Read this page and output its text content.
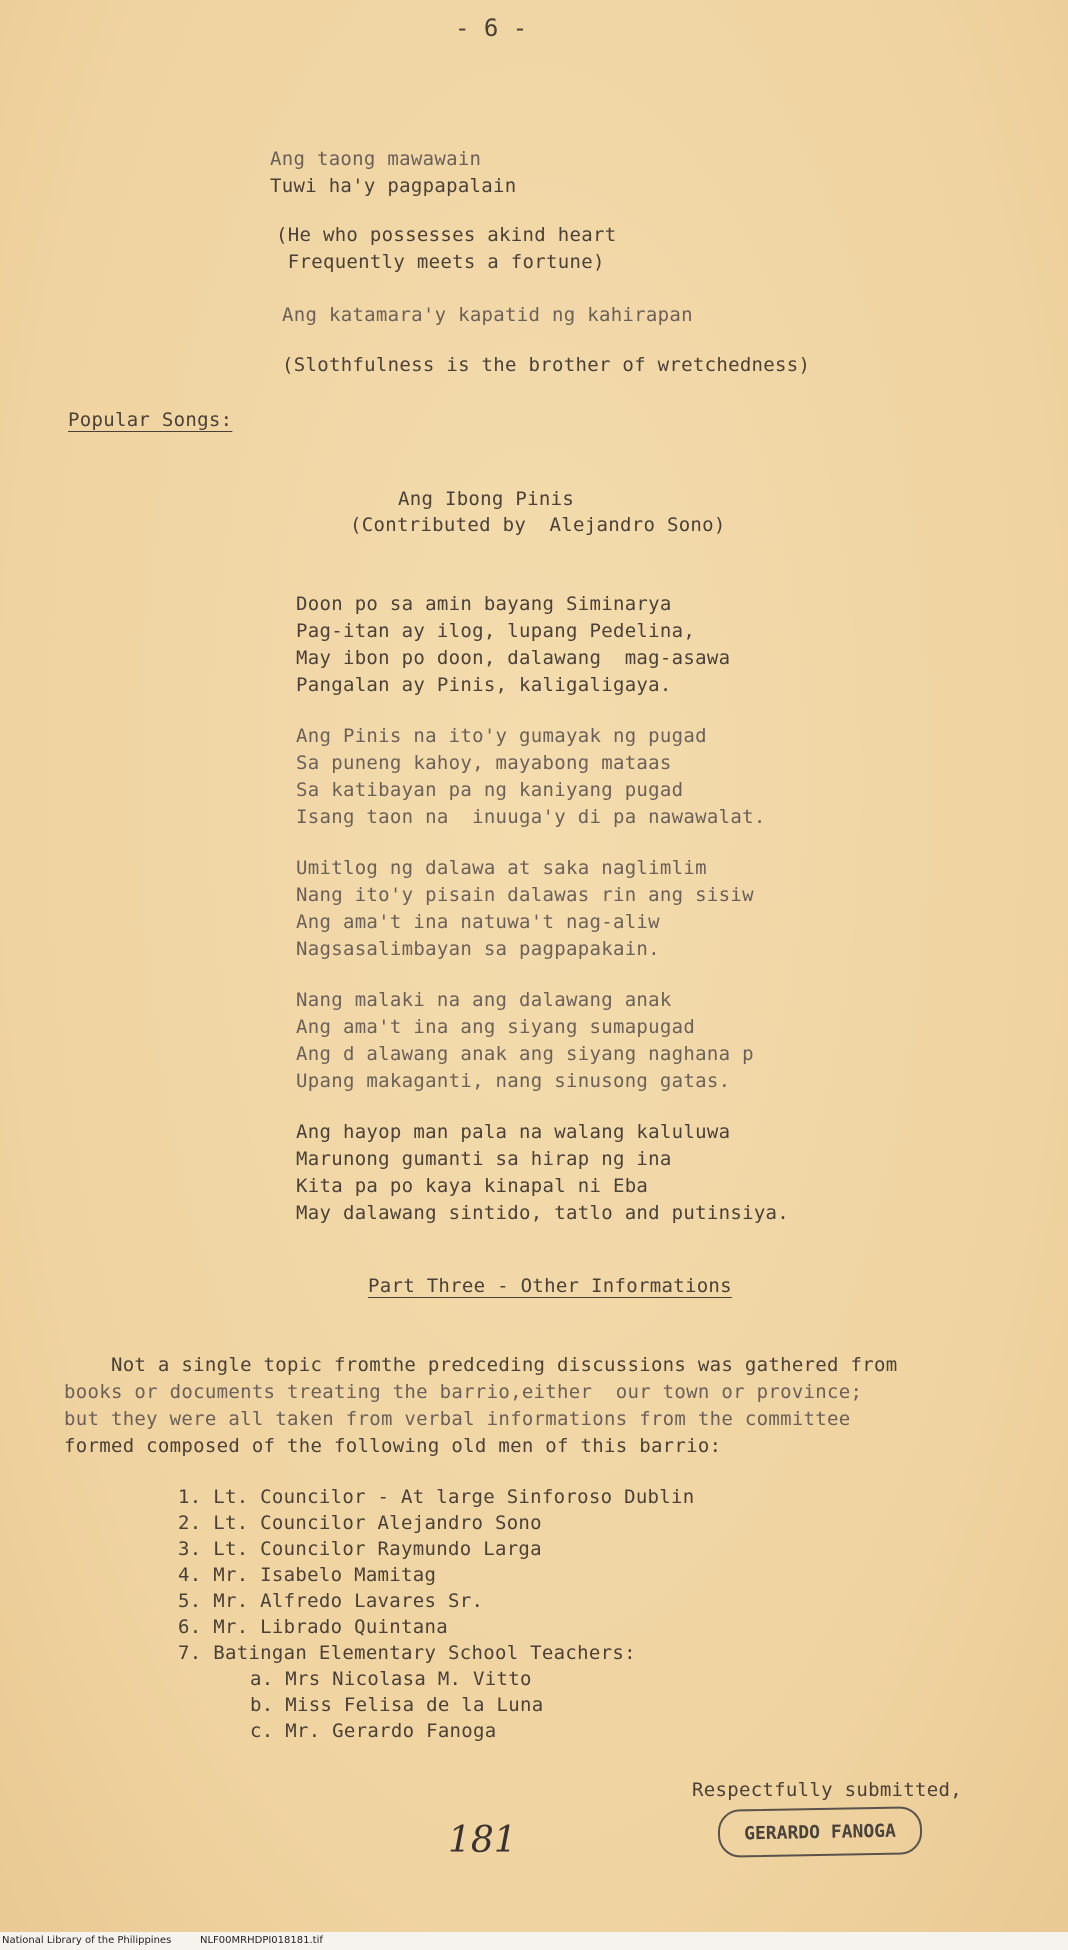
- 6 -
Ang taong mawawain
Tuwi ha'y pagpapalain
(He who possesses akind heart
Frequently meets a fortune)
Ang katamara'y kapatid ng kahirapan
(Slothfulness is the brother of wretchedness)
Popular Songs:
Ang Ibong Pinis
(Contributed by  Alejandro Sono)
Doon po sa amin bayang Siminarya
Pag-itan ay ilog, lupang Pedelina,
May ibon po doon, dalawang  mag-asawa
Pangalan ay Pinis, kaligaligaya.
Ang Pinis na ito'y gumayak ng pugad
Sa puneng kahoy, mayabong mataas
Sa katibayan pa ng kaniyang pugad
Isang taon na  inuuga'y di pa nawawalat.
Umitlog ng dalawa at saka naglimlim
Nang ito'y pisain dalawas rin ang sisiw
Ang ama't ina natuwa't nag-aliw
Nagsasalimbayan sa pagpapakain.
Nang malaki na ang dalawang anak
Ang ama't ina ang siyang sumapugad
Ang d alawang anak ang siyang naghana p
Upang makaganti, nang sinusong gatas.
Ang hayop man pala na walang kaluluwa
Marunong gumanti sa hirap ng ina
Kita pa po kaya kinapal ni Eba
May dalawang sintido, tatlo and putinsiya.
Part Three - Other Informations
Not a single topic fromthe predceding discussions was gathered from
books or documents treating the barrio,either  our town or province;
but they were all taken from verbal informations from the committee
formed composed of the following old men of this barrio:
1. Lt. Councilor - At large Sinforoso Dublin
2. Lt. Councilor Alejandro Sono
3. Lt. Councilor Raymundo Larga
4. Mr. Isabelo Mamitag
5. Mr. Alfredo Lavares Sr.
6. Mr. Librado Quintana
7. Batingan Elementary School Teachers:
a. Mrs Nicolasa M. Vitto
b. Miss Felisa de la Luna
c. Mr. Gerardo Fanoga
Respectfully submitted,
GERARDO FANOGA
181
National Library of the Philippines	NLF00MRHDPI018181.tif
